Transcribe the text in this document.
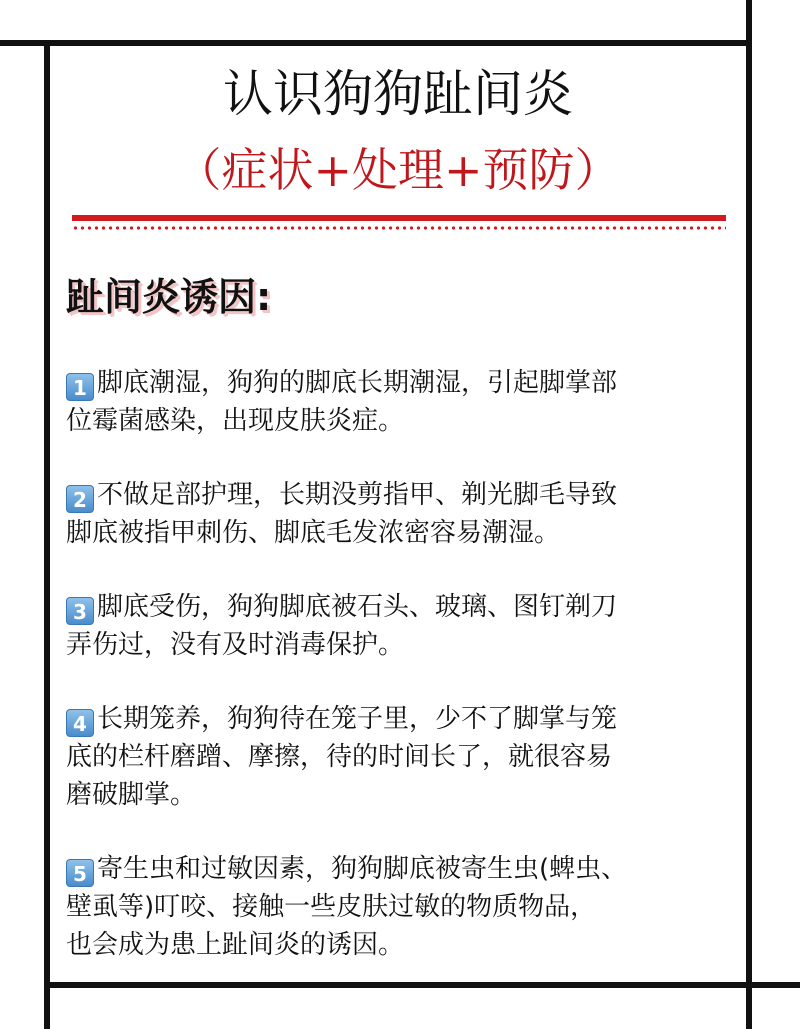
认识狗狗趾间炎
（症状+处理+预防）
趾间炎诱因:
1 脚底潮湿，狗狗的脚底长期潮湿，引起脚掌部
位霉菌感染，出现皮肤炎症。
2 不做足部护理，长期没剪指甲、剃光脚毛导致
脚底被指甲刺伤、脚底毛发浓密容易潮湿。
3 脚底受伤，狗狗脚底被石头、玻璃、图钉剃刀
弄伤过，没有及时消毒保护。
4 长期笼养，狗狗待在笼子里，少不了脚掌与笼
底的栏杆磨蹭、摩擦，待的时间长了，就很容易
磨破脚掌。
5 寄生虫和过敏因素，狗狗脚底被寄生虫(蜱虫、
壁虱等)叮咬、接触一些皮肤过敏的物质物品，
也会成为患上趾间炎的诱因。
